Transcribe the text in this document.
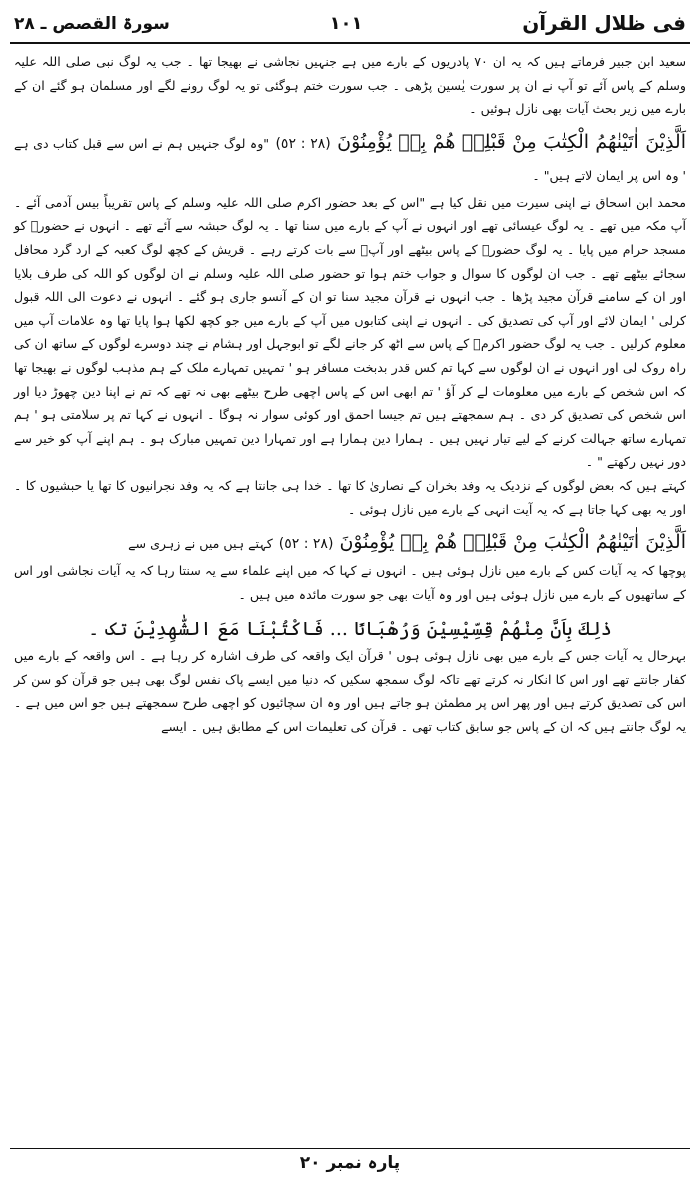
فی ظلال القرآن
١٠١
سورۃ القصص ـ ٢٨

سعید ابن جبیر فرماتے ہیں کہ یہ ان ٧٠ پادریوں کے بارے میں ہے جنہیں نجاشی نے بھیجا تھا ۔ جب یہ لوگ نبی صلی اللہ علیہ وسلم کے پاس آئے تو آپ نے ان پر سورت یٰسین پڑھی ۔ جب سورت ختم ہوگئی تو یہ لوگ رونے لگے اور مسلمان ہو گئے ان کے بارے میں زیر بحث آیات بھی نازل ہوئیں ۔

اَلَّذِیْنَ اٰتَیْنٰهُمُ الْكِتٰبَ مِنْ قَبْلِهٖ هُمْ بِهٖ یُؤْمِنُوْنَ (٢٨ : ٥٢) "وہ لوگ جنہیں ہم نے اس سے قبل کتاب دی ہے ' وہ اس پر ایمان لاتے ہیں" ۔

محمد ابن اسحاق نے اپنی سیرت میں نقل کیا ہے "اس کے بعد حضور اکرم صلی اللہ علیہ وسلم کے پاس تقریباً بیس آدمی آئے ۔ آپ مکہ میں تھے ۔ یہ لوگ عیسائی تھے اور انہوں نے آپ کے بارے میں سنا تھا ۔ یہ لوگ حبشہ سے آئے تھے ۔ انہوں نے حضورؐ کو مسجد حرام میں پایا ۔ یہ لوگ حضورؐ کے پاس بیٹھے اور آپؐ سے بات کرتے رہے ۔ قریش کے کچھ لوگ کعبہ کے ارد گرد محافل سجائے بیٹھے تھے ۔ جب ان لوگوں کا سوال و جواب ختم ہوا تو حضور صلی اللہ علیہ وسلم نے ان لوگوں کو اللہ کی طرف بلایا اور ان کے سامنے قرآن مجید پڑھا ۔ جب انہوں نے قرآن مجید سنا تو ان کے آنسو جاری ہو گئے ۔ انہوں نے دعوت الی اللہ قبول کرلی ' ایمان لائے اور آپ کی تصدیق کی ۔ انہوں نے اپنی کتابوں میں آپ کے بارے میں جو کچھ لکھا ہوا پایا تھا وہ علامات آپ میں معلوم کرلیں ۔ جب یہ لوگ حضور اکرمؐ کے پاس سے اٹھ کر جانے لگے تو ابوجہل اور ہشام نے چند دوسرے لوگوں کے ساتھ ان کی راہ روک لی اور انہوں نے ان لوگوں سے کہا تم کس قدر بدبخت مسافر ہو ' تمہیں تمہارے ملک کے ہم مذہب لوگوں نے بھیجا تھا کہ اس شخص کے بارے میں معلومات لے کر آؤ ' تم ابھی اس کے پاس اچھی طرح بیٹھے بھی نہ تھے کہ تم نے اپنا دین چھوڑ دیا اور اس شخص کی تصدیق کر دی ۔ ہم سمجھتے ہیں تم جیسا احمق اور کوئی سوار نہ ہوگا ۔ انہوں نے کہا تم پر سلامتی ہو ' ہم تمہارے ساتھ جہالت کرنے کے لیے تیار نہیں ہیں ۔ ہمارا دین ہمارا ہے اور تمہارا دین تمہیں مبارک ہو ۔ ہم اپنے آپ کو خیر سے دور نہیں رکھتے " ۔

کہتے ہیں کہ بعض لوگوں کے نزدیک یہ وفد بخران کے نصاریٰ کا تھا ۔ خدا ہی جانتا ہے کہ یہ وفد نجرانیوں کا تھا یا حبشیوں کا ۔ اور یہ بھی کہا جاتا ہے کہ یہ آیت انہی کے بارے میں نازل ہوئی ۔

اَلَّذِیْنَ اٰتَیْنٰهُمُ الْكِتٰبَ مِنْ قَبْلِهٖ هُمْ بِهٖ یُؤْمِنُوْنَ (٢٨ : ٥٢) کہتے ہیں میں نے زہری سے

پوچھا کہ یہ آیات کس کے بارے میں نازل ہوئی ہیں ۔ انہوں نے کہا کہ میں اپنے علماء سے یہ سنتا رہا کہ یہ آیات نجاشی اور اس کے ساتھیوں کے بارے میں نازل ہوئی ہیں اور وہ آیات بھی جو سورت مائدہ میں ہیں ۔

ذٰلِكَ بِاَنَّ مِنْهُمْ قِسِّیْسِیْنَ وَرُهْبَانًا ... فَاكْتُبْنَا مَعَ الشّٰهِدِیْنَ تک ۔

بہرحال یہ آیات جس کے بارے میں بھی نازل ہوئی ہوں ' قرآن ایک واقعہ کی طرف اشارہ کر رہا ہے ۔ اس واقعہ کے بارے میں کفار جانتے تھے اور اس کا انکار نہ کرتے تھے تاکہ لوگ سمجھ سکیں کہ دنیا میں ایسے پاک نفس لوگ بھی ہیں جو قرآن کو سن کر اس کی تصدیق کرتے ہیں اور پھر اس پر مطمئن ہو جاتے ہیں اور وہ ان سچائیوں کو اچھی طرح سمجھتے ہیں جو اس میں ہے ۔ یہ لوگ جانتے ہیں کہ ان کے پاس جو سابق کتاب تھی ۔ قرآن کی تعلیمات اس کے مطابق ہیں ۔ ایسے

پارہ نمبر ٢٠
